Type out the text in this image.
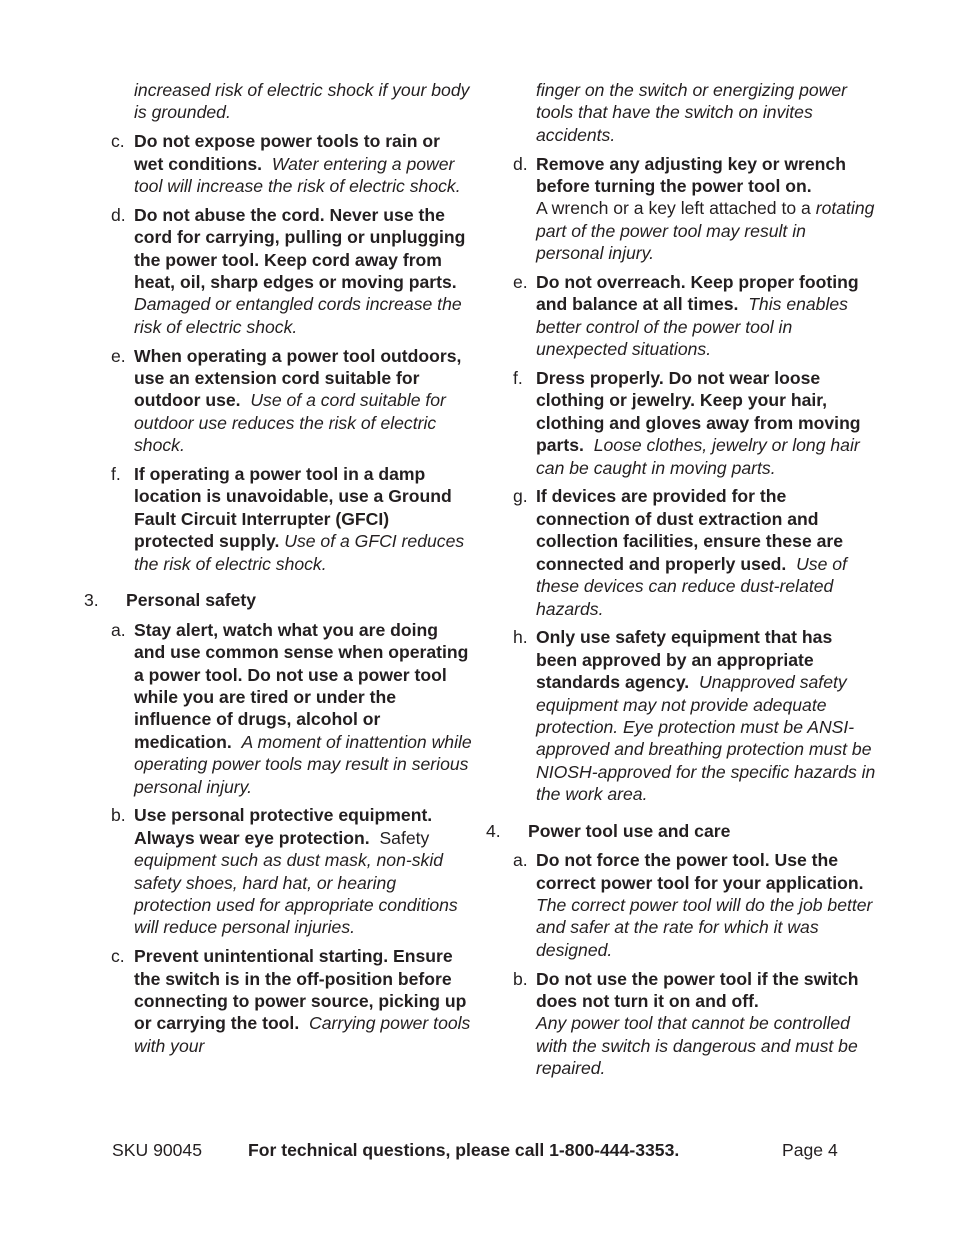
increased risk of electric shock if your body is grounded.
c. Do not expose power tools to rain or wet conditions. Water entering a power tool will increase the risk of electric shock.
d. Do not abuse the cord. Never use the cord for carrying, pulling or unplugging the power tool. Keep cord away from heat, oil, sharp edges or moving parts.  Damaged or entangled cords increase the risk of electric shock.
e. When operating a power tool outdoors, use an extension cord suitable for outdoor use. Use of a cord suitable for outdoor use reduces the risk of electric shock.
f. If operating a power tool in a damp location is unavoidable, use a Ground Fault Circuit Interrupter (GFCI) protected supply. Use of a GFCI reduces the risk of electric shock.
3. Personal safety
a. Stay alert, watch what you are doing and use common sense when operating a power tool. Do not use a power tool while you are tired or under the influence of drugs, alcohol or medication. A moment of inattention while operating power tools may result in serious personal injury.
b. Use personal protective equipment. Always wear eye protection. Safety equipment such as dust mask, non-skid safety shoes, hard hat, or hearing protection used for appropriate conditions will reduce personal injuries.
c. Prevent unintentional starting. Ensure the switch is in the off-position before connecting to power source, picking up or carrying the tool. Carrying power tools with your
finger on the switch or energizing power tools that have the switch on invites accidents.
d. Remove any adjusting key or wrench before turning the power tool on.
A wrench or a key left attached to a rotating part of the power tool may result in personal injury.
e. Do not overreach. Keep proper footing and balance at all times. This enables better control of the power tool in unexpected situations.
f. Dress properly. Do not wear loose clothing or jewelry. Keep your hair, clothing and gloves away from moving parts. Loose clothes, jewelry or long hair can be caught in moving parts.
g. If devices are provided for the connection of dust extraction and collection facilities, ensure these are connected and properly used. Use of these devices can reduce dust-related hazards.
h. Only use safety equipment that has been approved by an appropriate standards agency. Unapproved safety equipment may not provide adequate protection. Eye protection must be ANSI-approved and breathing protection must be NIOSH-approved for the specific hazards in the work area.
4. Power tool use and care
a. Do not force the power tool. Use the correct power tool for your application.  The correct power tool will do the job better and safer at the rate for which it was designed.
b. Do not use the power tool if the switch does not turn it on and off.
Any power tool that cannot be controlled with the switch is dangerous and must be repaired.
SKU 90045	For technical questions, please call 1-800-444-3353.	Page 4
